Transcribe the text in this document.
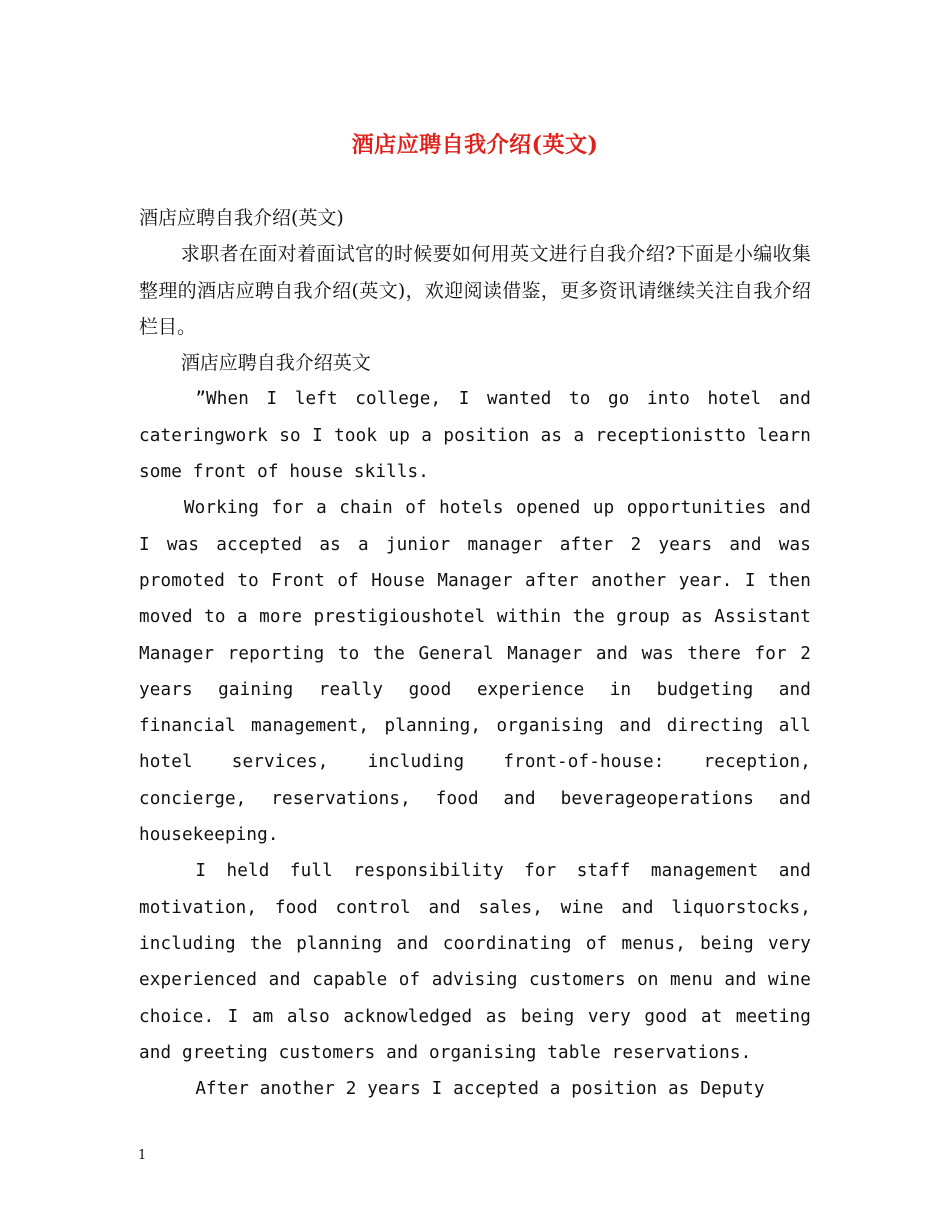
酒店应聘自我介绍(英文)

酒店应聘自我介绍(英文)

求职者在面对着面试官的时候要如何用英文进行自我介绍?下面是小编收集整理的酒店应聘自我介绍(英文)，欢迎阅读借鉴，更多资讯请继续关注自我介绍栏目。

酒店应聘自我介绍英文

”When I left college, I wanted to go into hotel and cateringwork so I took up a position as a receptionistto learn some front of house skills.

Working for a chain of hotels opened up opportunities and I was accepted as a junior manager after 2 years and was promoted to Front of House Manager after another year. I then moved to a more prestigioushotel within the group as Assistant Manager reporting to the General Manager and was there for 2 years gaining really good experience in budgeting and financial management, planning, organising and directing all hotel services, including front-of-house: reception, concierge, reservations, food and beverageoperations and housekeeping.

I held full responsibility for staff management and motivation, food control and sales, wine and liquorstocks, including the planning and coordinating of menus, being very experienced and capable of advising customers on menu and wine choice. I am also acknowledged as being very good at meeting and greeting customers and organising table reservations.

After another 2 years I accepted a position as Deputy

1
